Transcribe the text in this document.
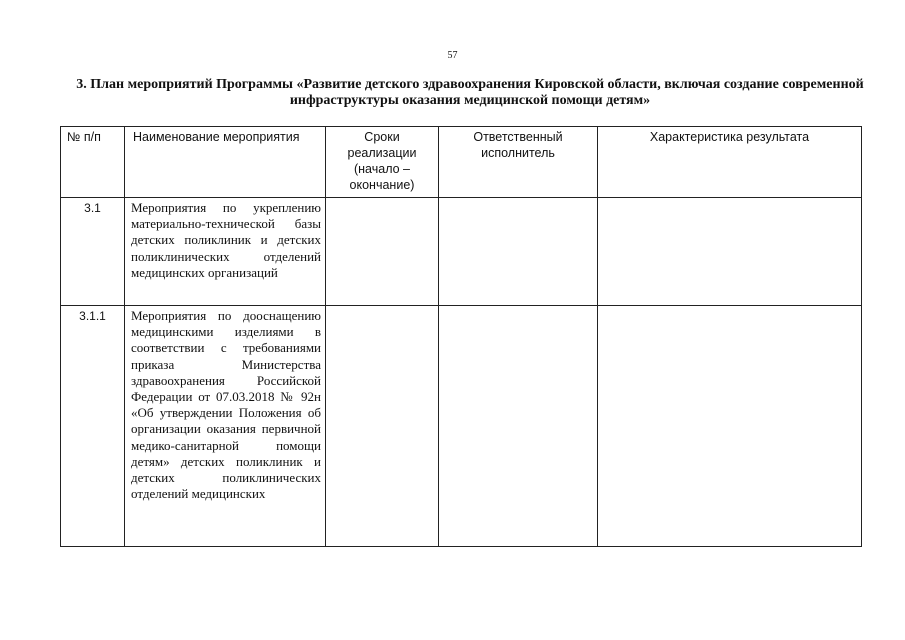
57
3. План мероприятий Программы «Развитие детского здравоохранения Кировской области, включая создание современной инфраструктуры оказания медицинской помощи детям»
№ п/п	Наименование мероприятия	Сроки реализации (начало – окончание)	Ответственный исполнитель	Характеристика результата
3.1	Мероприятия по укреплению материально-технической базы детских поликлиник и детских поликлинических отделений медицинских организаций			
3.1.1	Мероприятия по дооснащению медицинскими изделиями в соответствии с требованиями приказа Министерства здравоохранения Российской Федерации от 07.03.2018 № 92н «Об утверждении Положения об организации оказания первичной медико-санитарной помощи детям» детских поликлиник и детских поликлинических отделений медицинских			
